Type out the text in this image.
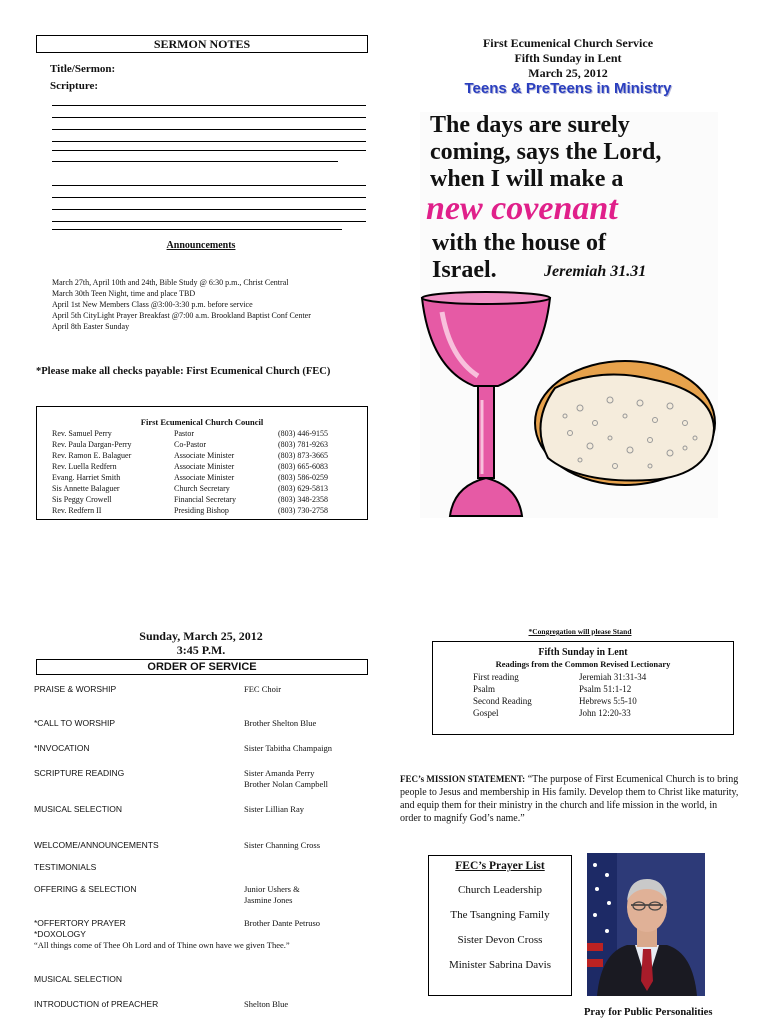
SERMON NOTES
Title/Sermon:
Scripture:
Announcements

March 27th, April 10th and 24th, Bible Study @ 6:30 p.m., Christ Central

March 30th Teen Night, time and place TBD

April 1st New Members Class @3:00-3:30 p.m. before service

April 5th CityLight Prayer Breakfast @7:00 a.m. Brookland Baptist Conf Center

April 8th Easter Sunday

*Please make all checks payable: First Ecumenical Church (FEC)
First Ecumenical Church Council
Rev. Samuel Perry	Pastor	(803) 446-9155
Rev. Paula Dargan-Perry	Co-Pastor	(803) 781-9263
Rev. Ramon E. Balaguer	Associate Minister	(803) 873-3665
Rev. Luella Redfern	Associate Minister	(803) 665-6083
Evang. Harriet Smith	Associate Minister	(803) 586-0259
Sis Annette Balaguer	Church Secretary	(803) 629-5813
Sis Peggy Crowell	Financial Secretary	(803) 348-2358
Rev. Redfern II	Presiding Bishop	(803) 730-2758
First Ecumenical Church Service
Fifth Sunday in Lent
March 25, 2012
Teens & PreTeens in Ministry
The days are surely
coming, says the Lord,
when I will make a
new covenant
with the house of
Israel.	Jeremiah 31.31
Sunday, March 25, 2012
3:45 P.M.
ORDER OF SERVICE
PRAISE & WORSHIP	FEC Choir
*CALL TO WORSHIP	Brother Shelton Blue
*INVOCATION	Sister Tabitha Champaign
SCRIPTURE READING	Sister Amanda Perry
Brother Nolan Campbell
MUSICAL SELECTION	Sister Lillian Ray
WELCOME/ANNOUNCEMENTS	Sister Channing Cross
TESTIMONIALS
OFFERING & SELECTION	Junior Ushers &
Jasmine Jones
*OFFERTORY PRAYER	Brother Dante Petruso
*DOXOLOGY
“All things come of Thee Oh Lord and of Thine own have we given Thee.”
MUSICAL SELECTION
INTRODUCTION of PREACHER	Shelton Blue
*Congregation will please Stand
Fifth Sunday in Lent
Readings from the Common Revised Lectionary
First reading	Jeremiah 31:31-34
Psalm	Psalm 51:1-12
Second Reading	Hebrews 5:5-10
Gospel	John 12:20-33
FEC’s MISSION STATEMENT: “The purpose of First Ecumenical Church is to bring people to Jesus and membership in His family. Develop them to Christ like maturity, and equip them for their ministry in the church and life mission in the world, in order to magnify God’s name.”
FEC’s Prayer List
Church Leadership
The Tsangning Family
Sister Devon Cross
Minister Sabrina Davis
Pray for Public Personalities
